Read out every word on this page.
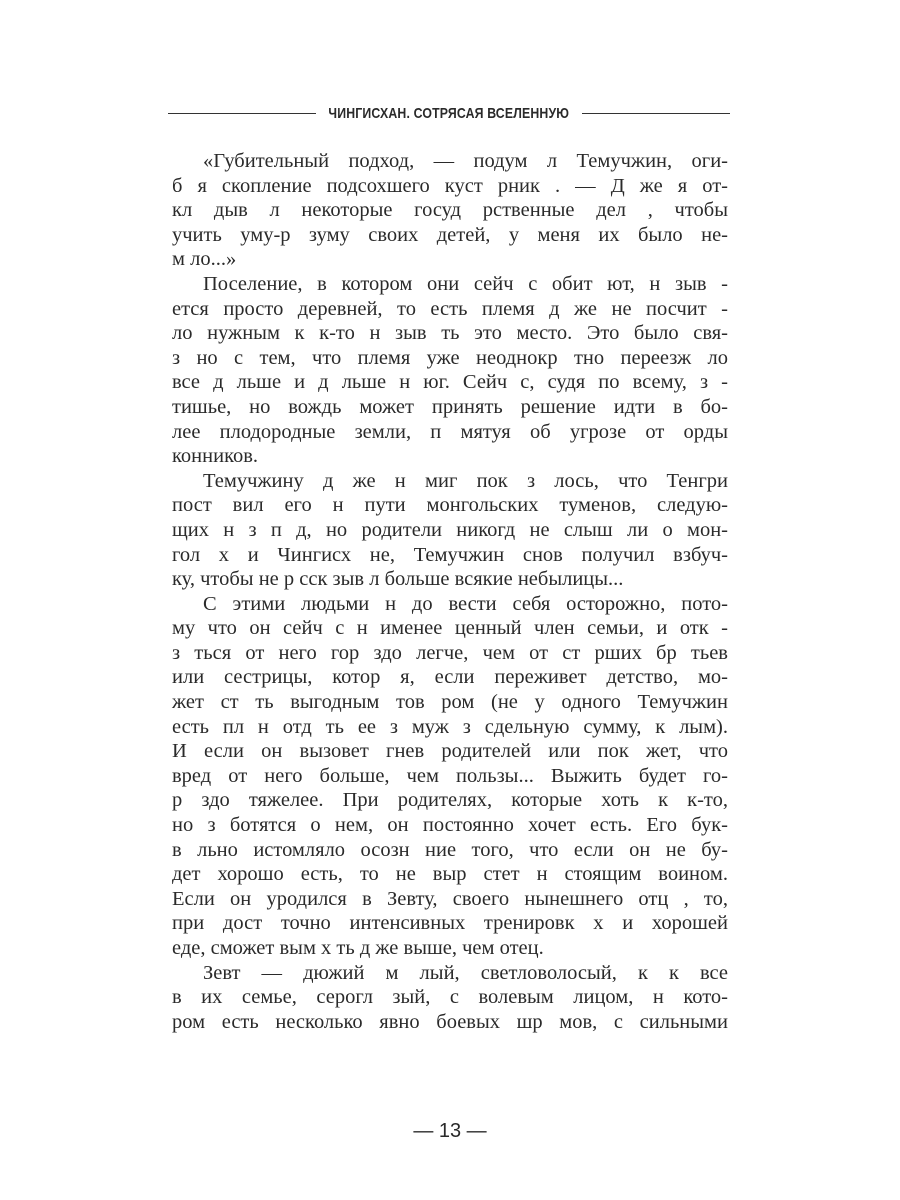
ЧИНГИСХАН. СОТРЯСАЯ ВСЕЛЕННУЮ
«Губительный подход, — подум л Темучжин, оги-
б я скопление подсохшего куст рник . — Д же я от-
кл дыв л некоторые госуд рственные дел , чтобы
учить уму-р зуму своих детей, у меня их было не-
м ло...»
Поселение, в котором они сейч с обит ют, н зыв -
ется просто деревней, то есть племя д же не посчит -
ло нужным к к-то н зыв ть это место. Это было свя-
з но с тем, что племя уже неоднокр тно переезж ло
все д льше и д льше н юг. Сейч с, судя по всему, з -
тишье, но вождь может принять решение идти в бо-
лее плодородные земли, п мятуя об угрозе от орды
конников.
Темучжину д же н миг пок з лось, что Тенгри
пост вил его н пути монгольских туменов, следую-
щих н з п д, но родители никогд не слыш ли о мон-
гол х и Чингисх не, Темучжин снов получил взбуч-
ку, чтобы не р сск зыв л больше всякие небылицы...
С этими людьми н до вести себя осторожно, пото-
му что он сейч с н именее ценный член семьи, и отк -
з ться от него гор здо легче, чем от ст рших бр тьев
или сестрицы, котор я, если переживет детство, мо-
жет ст ть выгодным тов ром (не у одного Темучжин
есть пл н отд ть ее з муж з сдельную сумму, к лым).
И если он вызовет гнев родителей или пок жет, что
вред от него больше, чем пользы... Выжить будет го-
р здо тяжелее. При родителях, которые хоть к к-то,
но з ботятся о нем, он постоянно хочет есть. Его бук-
в льно истомляло осозн ние того, что если он не бу-
дет хорошо есть, то не выр стет н стоящим воином.
Если он уродился в Зевту, своего нынешнего отц , то,
при дост точно интенсивных тренировк х и хорошей
еде, сможет вым х ть д же выше, чем отец.
Зевт — дюжий м лый, светловолосый, к к все
в их семье, серогл зый, с волевым лицом, н кото-
ром есть несколько явно боевых шр мов, с сильными
— 13 —
